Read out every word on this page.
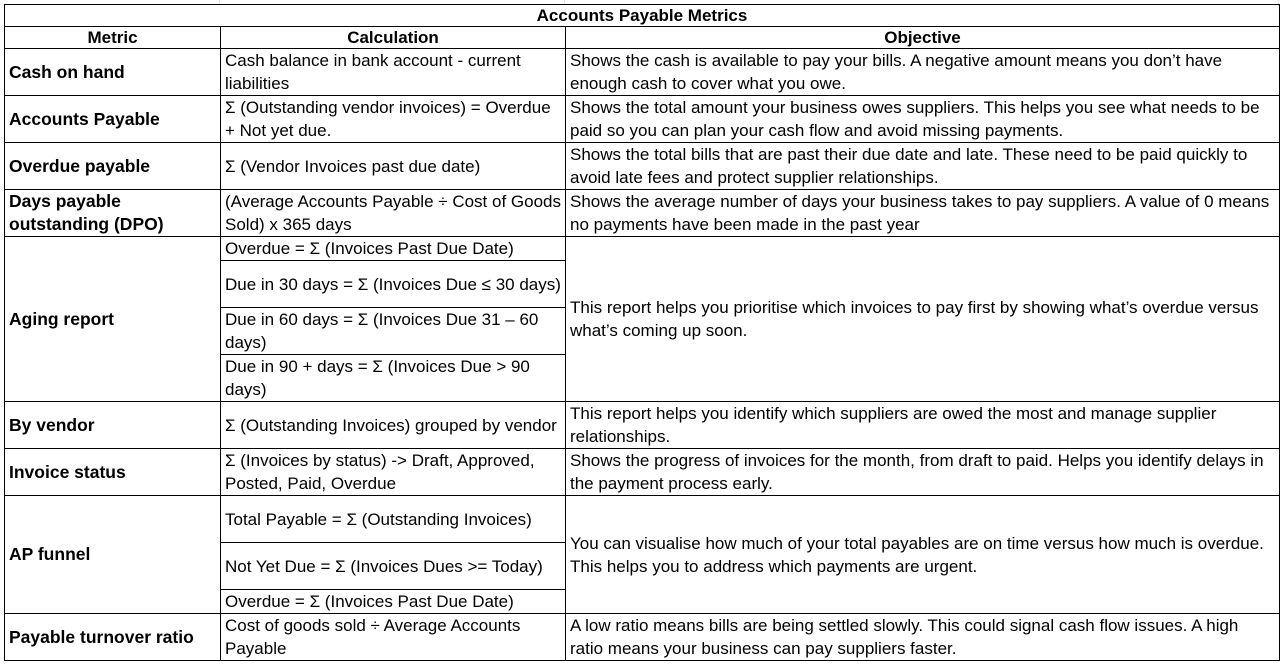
Accounts Payable Metrics		
Metric	Calculation	Objective
Cash on hand	Cash balance in bank account - current liabilities	Shows the cash is available to pay your bills. A negative amount means you don’t have enough cash to cover what you owe.
Accounts Payable	Σ (Outstanding vendor invoices) = Overdue + Not yet due.	Shows the total amount your business owes suppliers. This helps you see what needs to be paid so you can plan your cash flow and avoid missing payments.
Overdue payable	Σ (Vendor Invoices past due date)	Shows the total bills that are past their due date and late. These need to be paid quickly to avoid late fees and protect supplier relationships.
Days payable outstanding (DPO)	(Average Accounts Payable ÷ Cost of Goods Sold) x 365 days	Shows the average number of days your business takes to pay suppliers. A value of 0 means no payments have been made in the past year
Aging report	Overdue = Σ (Invoices Past Due Date)	This report helps you prioritise which invoices to pay first by showing what’s overdue versus what’s coming up soon.
	Due in 30 days = Σ (Invoices Due ≤ 30 days)	
	Due in 60 days = Σ (Invoices Due 31 – 60 days)	
	Due in 90 + days = Σ (Invoices Due > 90 days)	
By vendor	Σ (Outstanding Invoices) grouped by vendor	This report helps you identify which suppliers are owed the most and manage supplier relationships.
Invoice status	Σ (Invoices by status) -> Draft, Approved, Posted, Paid, Overdue	Shows the progress of invoices for the month, from draft to paid. Helps you identify delays in the payment process early.
AP funnel	Total Payable = Σ (Outstanding Invoices)	You can visualise how much of your total payables are on time versus how much is overdue. This helps you to address which payments are urgent.
	Not Yet Due = Σ (Invoices Dues >= Today)	
	Overdue = Σ (Invoices Past Due Date)	
Payable turnover ratio	Cost of goods sold ÷ Average Accounts Payable	A low ratio means bills are being settled slowly. This could signal cash flow issues. A high ratio means your business can pay suppliers faster.
